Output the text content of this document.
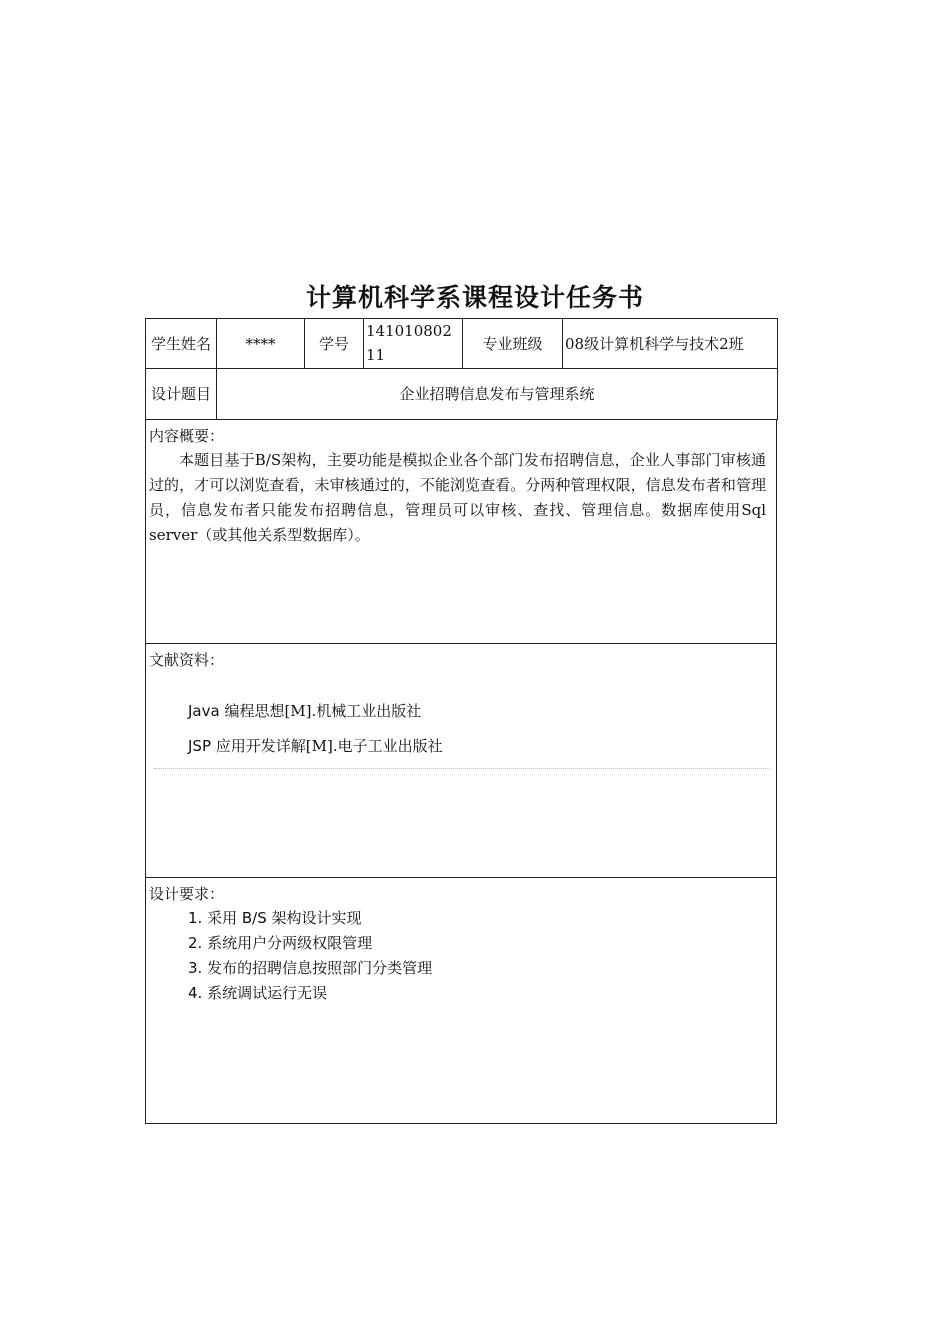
计算机科学系课程设计任务书
学生姓名	****	学号	14101080211	专业班级	08级计算机科学与技术2班
设计题目	企业招聘信息发布与管理系统				
内容概要：
本题目基于B/S架构，主要功能是模拟企业各个部门发布招聘信息，企业人事部门审核通过的，才可以浏览查看，未审核通过的，不能浏览查看。分两种管理权限，信息发布者和管理员，信息发布者只能发布招聘信息，管理员可以审核、查找、管理信息。数据库使用Sql server（或其他关系型数据库）。
文献资料：
Java 编程思想[M].机械工业出版社
JSP 应用开发详解[M].电子工业出版社
设计要求：
1. 采用 B/S 架构设计实现
2. 系统用户分两级权限管理
3. 发布的招聘信息按照部门分类管理
4. 系统调试运行无误
